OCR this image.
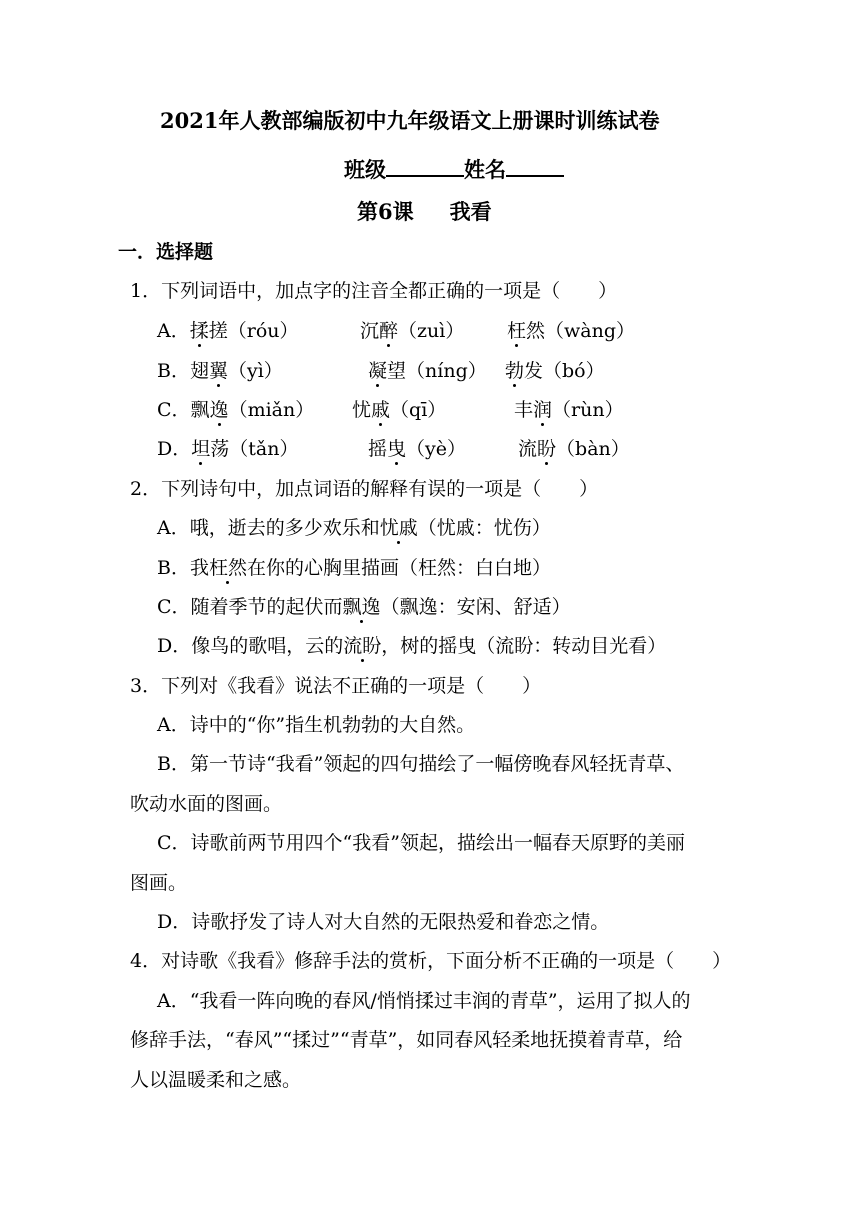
2021年人教部编版初中九年级语文上册课时训练试卷
班级	姓名
第6课 我看
一．选择题
1．下列词语中，加点字的注音全都正确的一项是（　　）
A．揉搓（róu）	沉醉（zuì） 枉然（wàng）
B．翅翼（yì）	凝望（níng） 勃发（bó）
C．飘逸（miǎn） 忧戚（qī）	丰润（rùn）
D．坦荡（tǎn）	摇曳（yè）	流盼（bàn）
2．下列诗句中，加点词语的解释有误的一项是（　　）
A．哦，逝去的多少欢乐和忧戚（忧戚：忧伤）
B．我枉然在你的心胸里描画（枉然：白白地）
C．随着季节的起伏而飘逸（飘逸：安闲、舒适）
D．像鸟的歌唱，云的流盼，树的摇曳（流盼：转动目光看）
3．下列对《我看》说法不正确的一项是（　　）
A．诗中的“你”指生机勃勃的大自然。
B．第一节诗“我看”领起的四句描绘了一幅傍晚春风轻抚青草、
吹动水面的图画。
C．诗歌前两节用四个“我看”领起，描绘出一幅春天原野的美丽
图画。
D．诗歌抒发了诗人对大自然的无限热爱和眷恋之情。
4．对诗歌《我看》修辞手法的赏析，下面分析不正确的一项是（　　）
A．“我看一阵向晚的春风/悄悄揉过丰润的青草”，运用了拟人的
修辞手法，“春风”“揉过”“青草”，如同春风轻柔地抚摸着青草，给
人以温暖柔和之感。
